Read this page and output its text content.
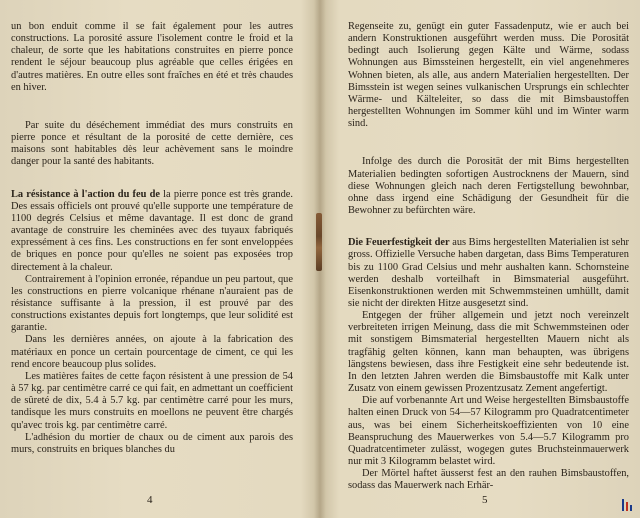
un bon enduit comme il se fait également pour les autres constructions. La porosité assure l'isolement contre le froid et la chaleur, de sorte que les habitations construites en pierre ponce rendent le séjour beaucoup plus agréable que celles érigées en d'autres matières. En outre elles sont fraîches en été et très chaudes en hiver.

Par suite du déséchement immédiat des murs construits en pierre ponce et résultant de la porosité de cette dernière, ces maisons sont habitables dès leur achèvement sans le moindre danger pour la santé des habitants.

La résistance à l'action du feu de la pierre ponce est très grande. Des essais officiels ont prouvé qu'elle supporte une température de 1100 degrés Celsius et même davantage. Il est donc de grand avantage de construire les cheminées avec des tuyaux fabriqués expressément à ces fins. Les constructions en fer sont enveloppées de briques en ponce pour qu'elles ne soient pas exposées trop directement à la chaleur.

Contrairement à l'opinion erronée, répandue un peu partout, que les constructions en pierre volcanique rhénane n'auraient pas de résistance suffisante à la pression, il est prouvé par des constructions existantes depuis fort longtemps, que leur solidité est garantie.

Dans les dernières années, on ajoute à la fabrication des matériaux en ponce un certain pourcentage de ciment, ce qui les rend encore beaucoup plus solides.

Les matières faites de cette façon résistent à une pression de 54 à 57 kg. par centimètre carré ce qui fait, en admettant un coefficient de sûreté de dix, 5.4 à 5.7 kg. par centimètre carré pour les murs, tandisque les murs construits en moellons ne peuvent être chargés qu'avec trois kg. par centimètre carré.

L'adhésion du mortier de chaux ou de ciment aux parois des murs, construits en briques blanches du

4

Regenseite zu, genügt ein guter Fassadenputz, wie er auch bei andern Konstruktionen ausgeführt werden muss. Die Porosität bedingt auch Isolierung gegen Kälte und Wärme, sodass Wohnungen aus Bimssteinen hergestellt, ein viel angenehmeres Wohnen bieten, als alle, aus andern Materialien hergestellten. Der Bimsstein ist wegen seines vulkanischen Ursprungs ein schlechter Wärme- und Kälteleiter, so dass die mit Bimsbaustoffen hergestellten Wohnungen im Sommer kühl und im Winter warm sind.

Infolge des durch die Porosität der mit Bims hergestellten Materialien bedingten sofortigen Austrocknens der Mauern, sind diese Wohnungen gleich nach deren Fertigstellung bewohnbar, ohne dass irgend eine Schädigung der Gesundheit für die Bewohner zu befürchten wäre.

Die Feuerfestigkeit der aus Bims hergestellten Materialien ist sehr gross. Offizielle Versuche haben dargetan, dass Bims Temperaturen bis zu 1100 Grad Celsius und mehr aushalten kann. Schornsteine werden deshalb vorteilhaft in Bimsmaterial ausgeführt. Eisenkonstruktionen werden mit Schwemmsteinen umhüllt, damit sie nicht der direkten Hitze ausgesetzt sind.

Entgegen der früher allgemein und jetzt noch vereinzelt verbreiteten irrigen Meinung, dass die mit Schwemmsteinen oder mit sonstigem Bimsmaterial hergestellten Mauern nicht als tragfähig gelten können, kann man behaupten, was übrigens längstens bewiesen, dass ihre Festigkeit eine sehr bedeutende ist. In den letzten Jahren werden die Bimsbaustoffe mit Kalk unter Zusatz von einem gewissen Prozentzusatz Zement angefertigt.

Die auf vorbenannte Art und Weise hergestellten Bimsbaustoffe halten einen Druck von 54—57 Kilogramm pro Quadratcentimeter aus, was bei einem Sicherheitskoeffizienten von 10 eine Beanspruchung des Mauerwerkes von 5.4—5.7 Kilogramm pro Quadratcentimeter zulässt, wogegen gutes Bruchsteinmauerwerk nur mit 3 Kilogramm belastet wird.

Der Mörtel haftet äusserst fest an den rauhen Bimsbaustoffen, sodass das Mauerwerk nach Erhär-

5
